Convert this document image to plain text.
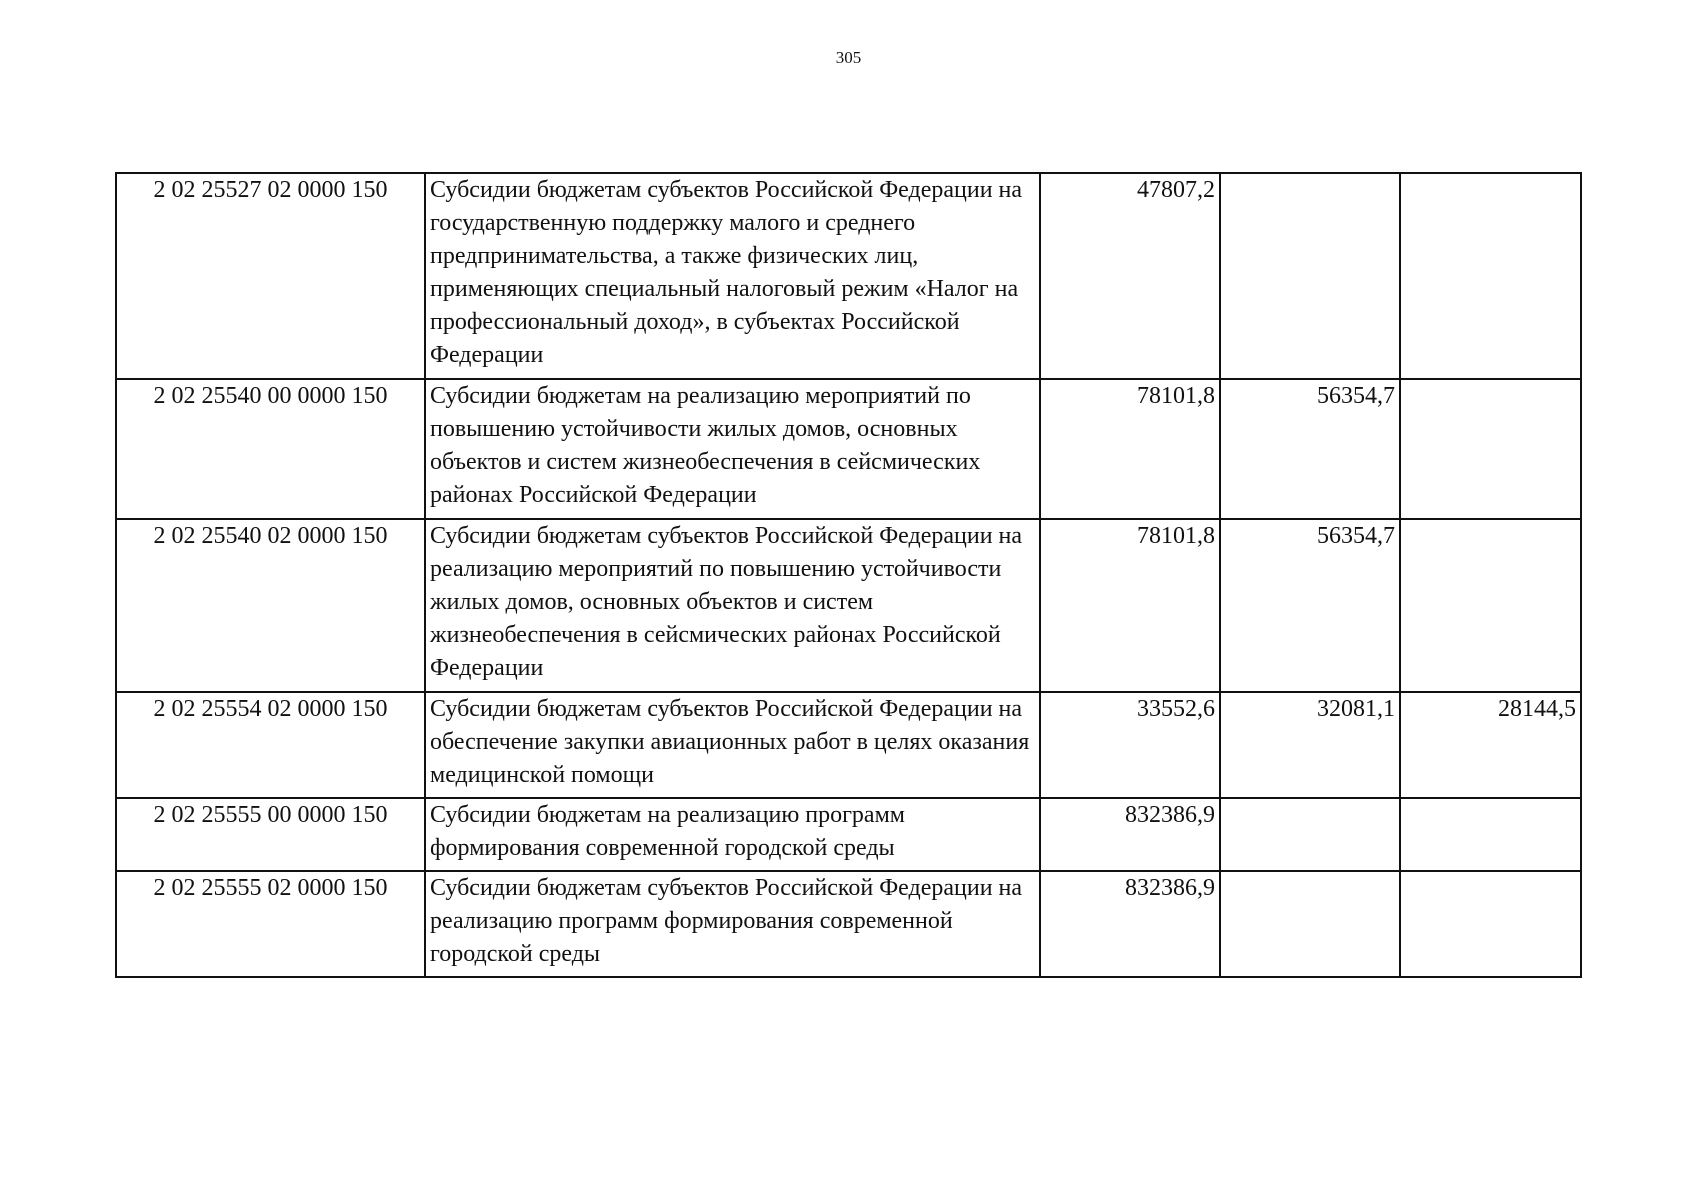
305
2 02 25527 02 0000 150	Субсидии бюджетам субъектов Российской Федерации на государственную поддержку малого и среднего предпринимательства, а также физических лиц, применяющих специальный налоговый режим «Налог на профессиональный доход», в субъектах Российской Федерации	47807,2		
2 02 25540 00 0000 150	Субсидии бюджетам на реализацию мероприятий по повышению устойчивости жилых домов, основных объектов и систем жизнеобеспечения в сейсмических районах Российской Федерации	78101,8	56354,7	
2 02 25540 02 0000 150	Субсидии бюджетам субъектов Российской Федерации на реализацию мероприятий по повышению устойчивости жилых домов, основных объектов и систем жизнеобеспечения в сейсмических районах Российской Федерации	78101,8	56354,7	
2 02 25554 02 0000 150	Субсидии бюджетам субъектов Российской Федерации на обеспечение закупки авиационных работ в целях оказания медицинской помощи	33552,6	32081,1	28144,5
2 02 25555 00 0000 150	Субсидии бюджетам на реализацию программ формирования современной городской среды	832386,9		
2 02 25555 02 0000 150	Субсидии бюджетам субъектов Российской Федерации на реализацию программ формирования современной городской среды	832386,9		
